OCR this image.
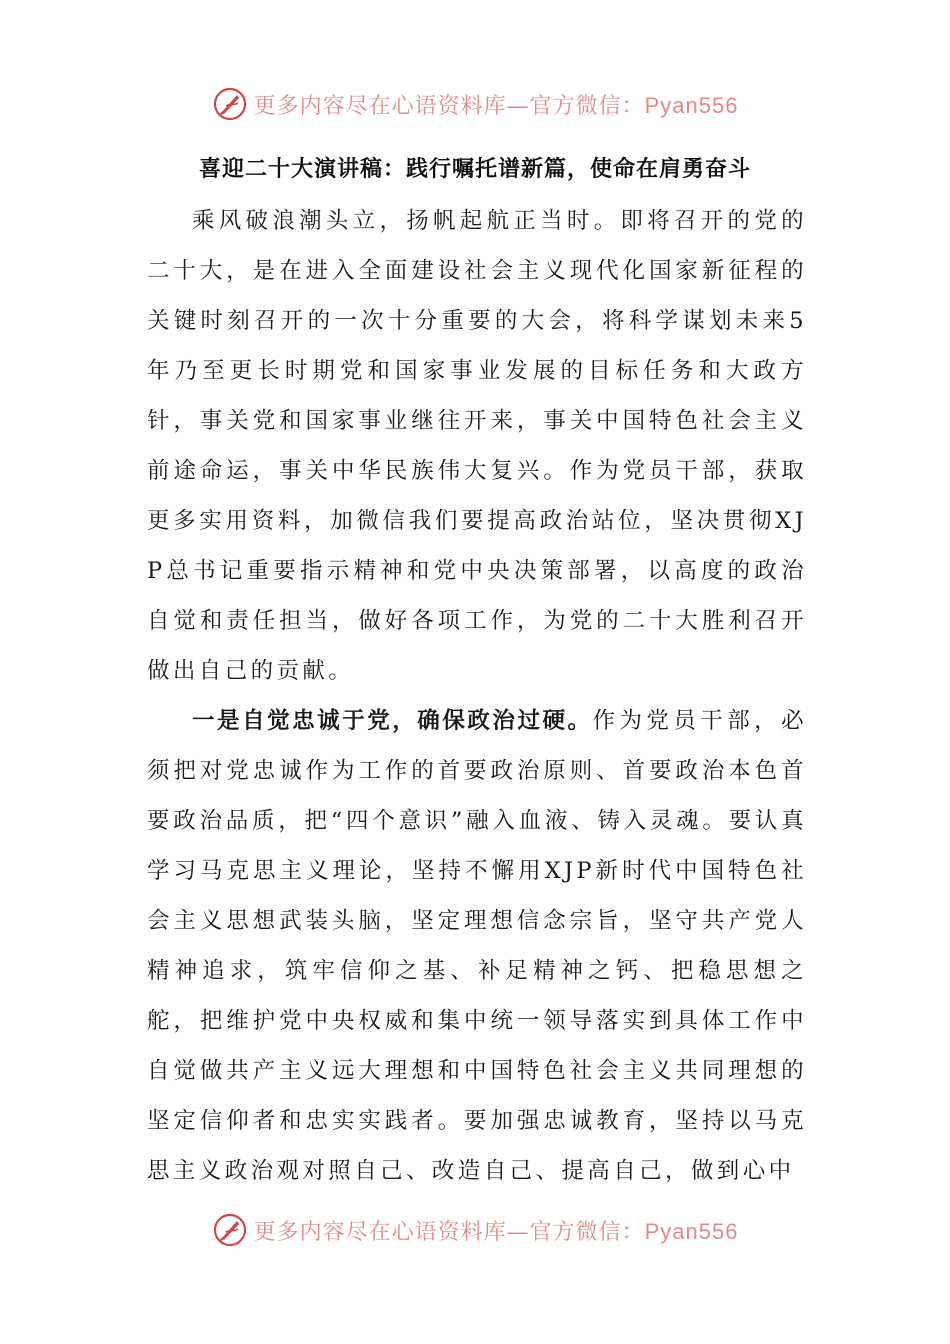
更多内容尽在心语资料库—官方微信：Pyan556
喜迎二十大演讲稿：践行嘱托谱新篇，使命在肩勇奋斗

乘风破浪潮头立，扬帆起航正当时。即将召开的党的二十大，是在进入全面建设社会主义现代化国家新征程的关键时刻召开的一次十分重要的大会，将科学谋划未来5年乃至更长时期党和国家事业发展的目标任务和大政方针，事关党和国家事业继往开来，事关中国特色社会主义前途命运，事关中华民族伟大复兴。作为党员干部，获取更多实用资料，加微信我们要提高政治站位，坚决贯彻XJP总书记重要指示精神和党中央决策部署，以高度的政治自觉和责任担当，做好各项工作，为党的二十大胜利召开做出自己的贡献。

一是自觉忠诚于党，确保政治过硬。作为党员干部，必须把对党忠诚作为工作的首要政治原则、首要政治本色首要政治品质，把“四个意识”融入血液、铸入灵魂。要认真学习马克思主义理论，坚持不懈用XJP新时代中国特色社会主义思想武装头脑，坚定理想信念宗旨，坚守共产党人精神追求，筑牢信仰之基、补足精神之钙、把稳思想之舵，把维护党中央权威和集中统一领导落实到具体工作中自觉做共产主义远大理想和中国特色社会主义共同理想的坚定信仰者和忠实实践者。要加强忠诚教育，坚持以马克思主义政治观对照自己、改造自己、提高自己，做到心中

更多内容尽在心语资料库—官方微信：Pyan556
